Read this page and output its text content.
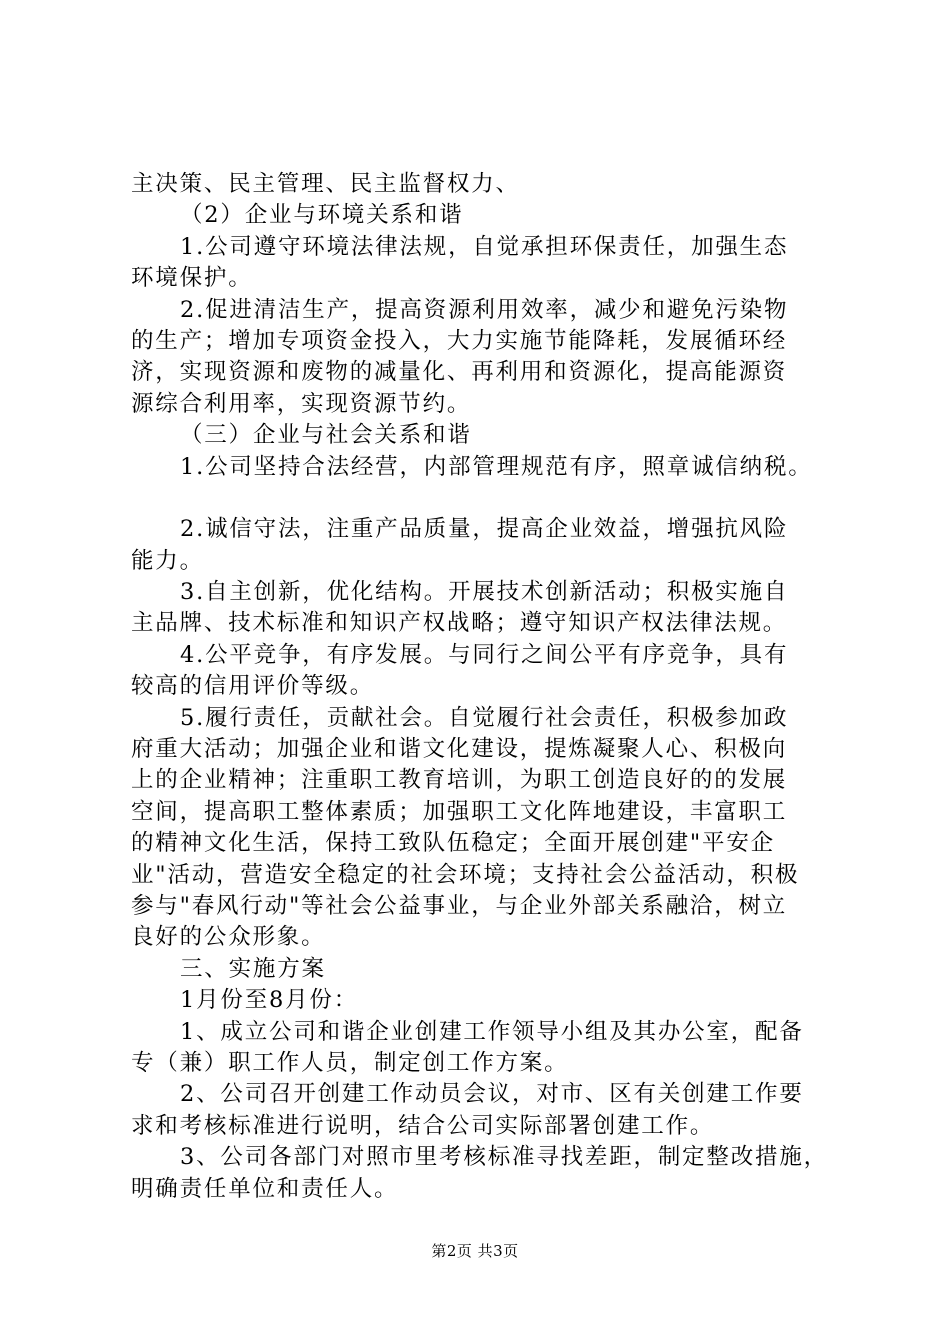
主决策、民主管理、民主监督权力、
（2）企业与环境关系和谐
1.公司遵守环境法律法规，自觉承担环保责任，加强生态
环境保护。
2.促进清洁生产，提高资源利用效率，减少和避免污染物
的生产；增加专项资金投入，大力实施节能降耗，发展循环经
济，实现资源和废物的减量化、再利用和资源化，提高能源资
源综合利用率，实现资源节约。
（三）企业与社会关系和谐
1.公司坚持合法经营，内部管理规范有序，照章诚信纳税。
2.诚信守法，注重产品质量，提高企业效益，增强抗风险
能力。
3.自主创新，优化结构。开展技术创新活动；积极实施自
主品牌、技术标准和知识产权战略；遵守知识产权法律法规。
4.公平竞争，有序发展。与同行之间公平有序竞争，具有
较高的信用评价等级。
5.履行责任，贡献社会。自觉履行社会责任，积极参加政
府重大活动；加强企业和谐文化建设，提炼凝聚人心、积极向
上的企业精神；注重职工教育培训，为职工创造良好的的发展
空间，提高职工整体素质；加强职工文化阵地建设，丰富职工
的精神文化生活，保持工致队伍稳定；全面开展创建"平安企
业"活动，营造安全稳定的社会环境；支持社会公益活动，积极
参与"春风行动"等社会公益事业，与企业外部关系融洽，树立
良好的公众形象。
三、实施方案
1月份至8月份：
1、成立公司和谐企业创建工作领导小组及其办公室，配备
专（兼）职工作人员，制定创工作方案。
2、公司召开创建工作动员会议，对市、区有关创建工作要
求和考核标准进行说明，结合公司实际部署创建工作。
3、公司各部门对照市里考核标准寻找差距，制定整改措施，
明确责任单位和责任人。
第2页 共3页
